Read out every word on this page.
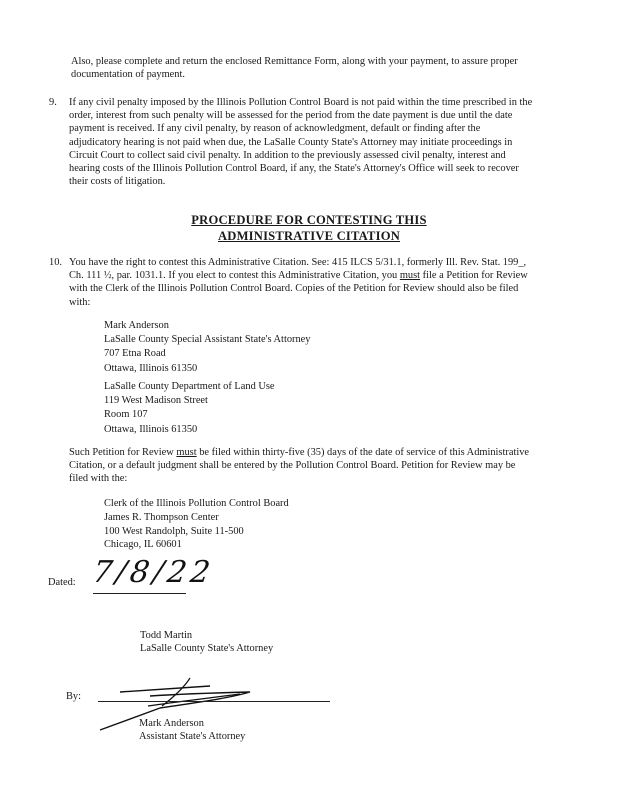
Also, please complete and return the enclosed Remittance Form, along with your payment, to assure proper
documentation of payment.
9. If any civil penalty imposed by the Illinois Pollution Control Board is not paid within the time prescribed in the
order, interest from such penalty will be assessed for the period from the date payment is due until the date
payment is received. If any civil penalty, by reason of acknowledgment, default or finding after the
adjudicatory hearing is not paid when due, the LaSalle County State's Attorney may initiate proceedings in
Circuit Court to collect said civil penalty. In addition to the previously assessed civil penalty, interest and
hearing costs of the Illinois Pollution Control Board, if any, the State's Attorney's Office will seek to recover
their costs of litigation.
PROCEDURE FOR CONTESTING THIS
ADMINISTRATIVE CITATION
10. You have the right to contest this Administrative Citation. See: 415 ILCS 5/31.1, formerly Ill. Rev. Stat. 199_,
Ch. 111 ½, par. 1031.1. If you elect to contest this Administrative Citation, you must file a Petition for Review
with the Clerk of the Illinois Pollution Control Board. Copies of the Petition for Review should also be filed
with:
Mark Anderson
LaSalle County Special Assistant State's Attorney
707 Etna Road
Ottawa, Illinois 61350
LaSalle County Department of Land Use
119 West Madison Street
Room 107
Ottawa, Illinois 61350
Such Petition for Review must be filed within thirty-five (35) days of the date of service of this Administrative
Citation, or a default judgment shall be entered by the Pollution Control Board. Petition for Review may be
filed with the:
Clerk of the Illinois Pollution Control Board
James R. Thompson Center
100 West Randolph, Suite 11-500
Chicago, IL 60601
Dated: 7/8/22
Todd Martin
LaSalle County State's Attorney
By:
Mark Anderson
Assistant State's Attorney
